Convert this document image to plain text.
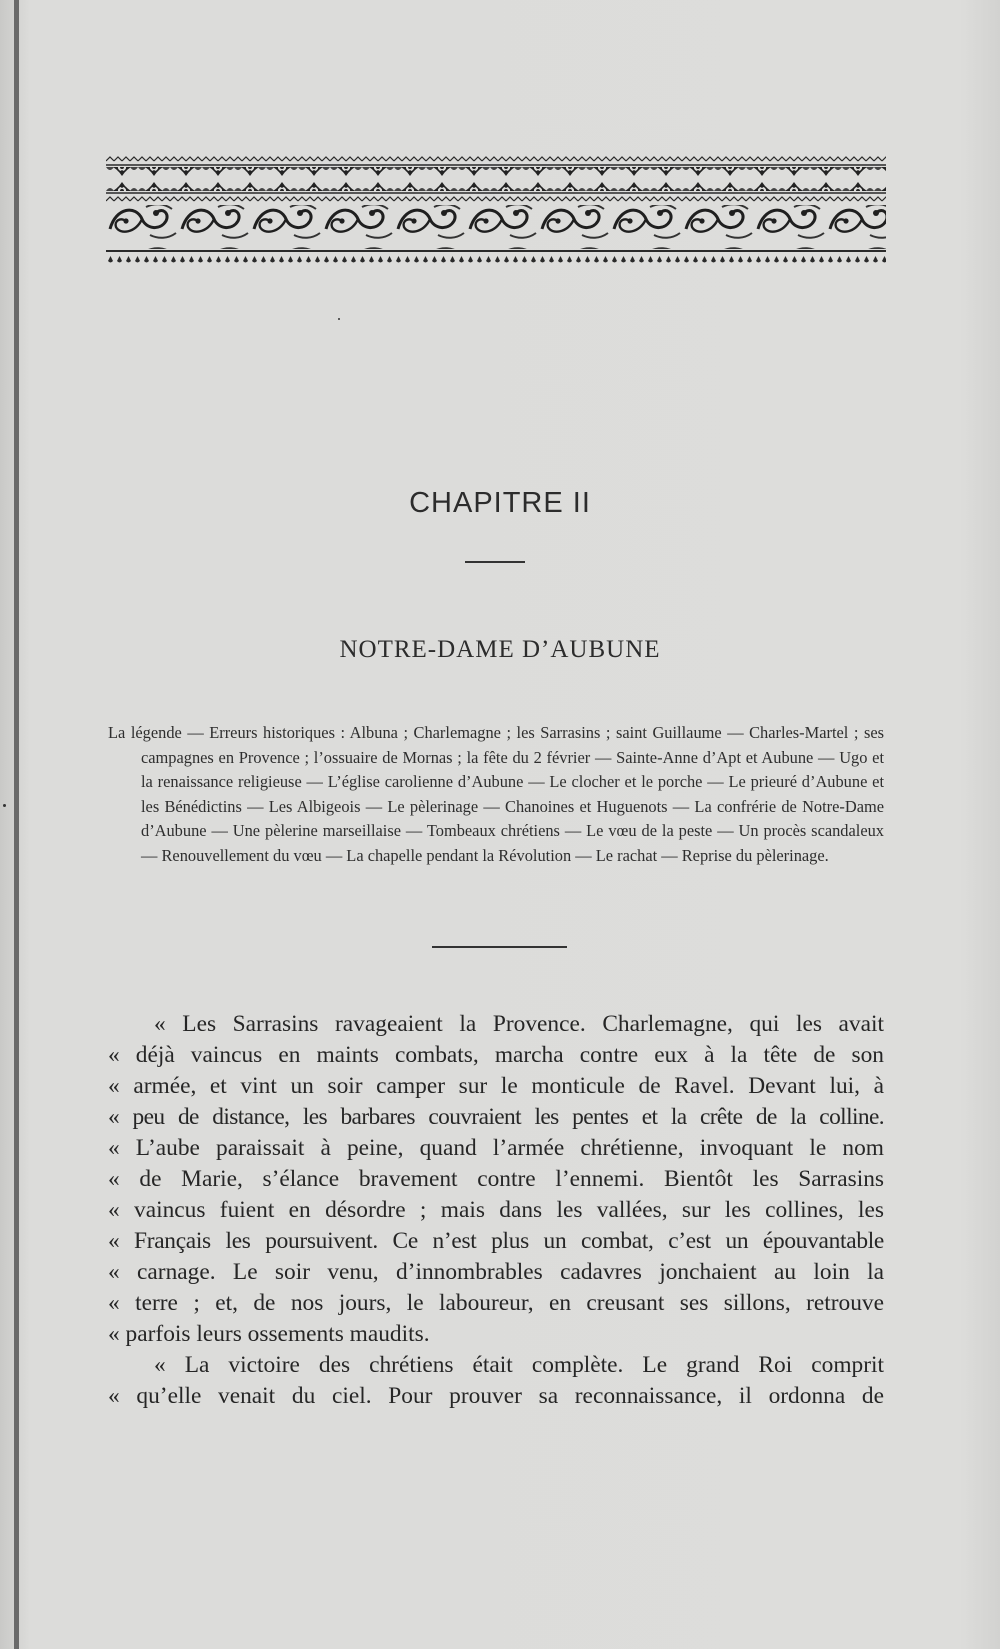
CHAPITRE II
NOTRE-DAME D’AUBUNE

La légende — Erreurs historiques : Albuna ; Charlemagne ; les Sarrasins ; saint Guillaume — Charles-Martel ; ses campagnes en Provence ; l’ossuaire de Mornas ; la fête du 2 février — Sainte-Anne d’Apt et Aubune — Ugo et la renaissance religieuse — L’église carolienne d’Aubune — Le clocher et le porche — Le prieuré d’Aubune et les Bénédictins — Les Albigeois — Le pèlerinage — Chanoines et Huguenots — La confrérie de Notre-Dame d’Aubune — Une pèlerine marseillaise — Tombeaux chrétiens — Le vœu de la peste — Un procès scandaleux — Renouvellement du vœu — La chapelle pendant la Révolution — Le rachat — Reprise du pèlerinage.

« Les Sarrasins ravageaient la Provence. Charlemagne, qui les avait
« déjà vaincus en maints combats, marcha contre eux à la tête de son
« armée, et vint un soir camper sur le monticule de Ravel. Devant lui, à
« peu de distance, les barbares couvraient les pentes et la crête de la colline.
« L’aube paraissait à peine, quand l’armée chrétienne, invoquant le nom
« de Marie, s’élance bravement contre l’ennemi. Bientôt les Sarrasins
« vaincus fuient en désordre ; mais dans les vallées, sur les collines, les
« Français les poursuivent. Ce n’est plus un combat, c’est un épouvantable
« carnage. Le soir venu, d’innombrables cadavres jonchaient au loin la
« terre ; et, de nos jours, le laboureur, en creusant ses sillons, retrouve
« parfois leurs ossements maudits.
« La victoire des chrétiens était complète. Le grand Roi comprit
« qu’elle venait du ciel. Pour prouver sa reconnaissance, il ordonna de
